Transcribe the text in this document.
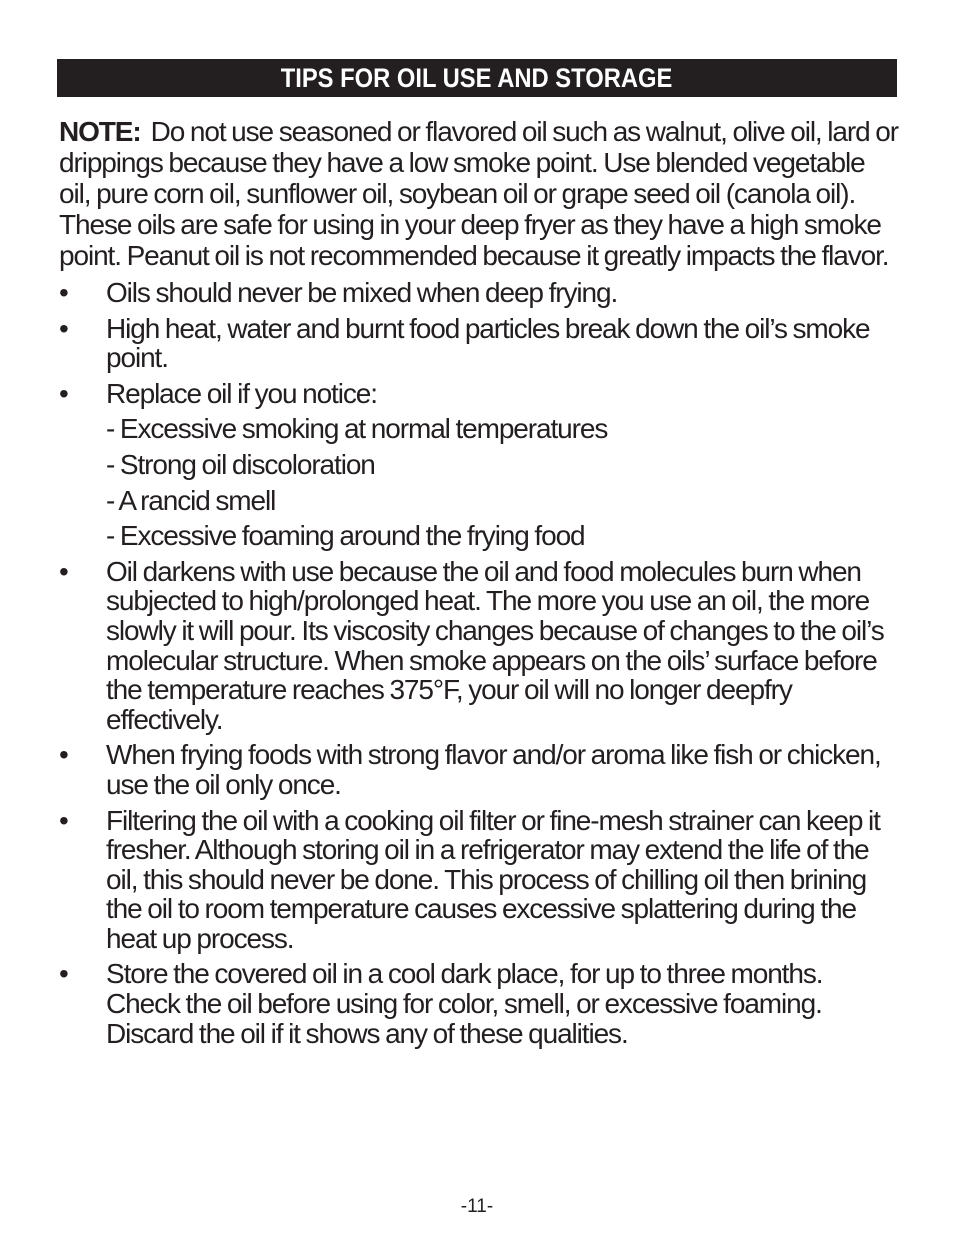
TIPS FOR OIL USE AND STORAGE
NOTE: Do not use seasoned or flavored oil such as walnut, olive oil, lard or drippings because they have a low smoke point. Use blended vegetable oil, pure corn oil, sunflower oil, soybean oil or grape seed oil (canola oil). These oils are safe for using in your deep fryer as they have a high smoke point. Peanut oil is not recommended because it greatly impacts the flavor.
•	Oils should never be mixed when deep frying.
•	High heat, water and burnt food particles break down the oil’s smoke point.
•	Replace oil if you notice:
- Excessive smoking at normal temperatures
- Strong oil discoloration
- A rancid smell
- Excessive foaming around the frying food
•	Oil darkens with use because the oil and food molecules burn when subjected to high/prolonged heat. The more you use an oil, the more slowly it will pour. Its viscosity changes because of changes to the oil’s molecular structure. When smoke appears on the oils’ surface before the temperature reaches 375°F, your oil will no longer deepfry effectively.
•	When frying foods with strong flavor and/or aroma like fish or chicken, use the oil only once.
•	Filtering the oil with a cooking oil filter or fine-mesh strainer can keep it fresher. Although storing oil in a refrigerator may extend the life of the oil, this should never be done. This process of chilling oil then brining the oil to room temperature causes excessive splattering during the heat up process.
•	Store the covered oil in a cool dark place, for up to three months. Check the oil before using for color, smell, or excessive foaming. Discard the oil if it shows any of these qualities.
-11-
